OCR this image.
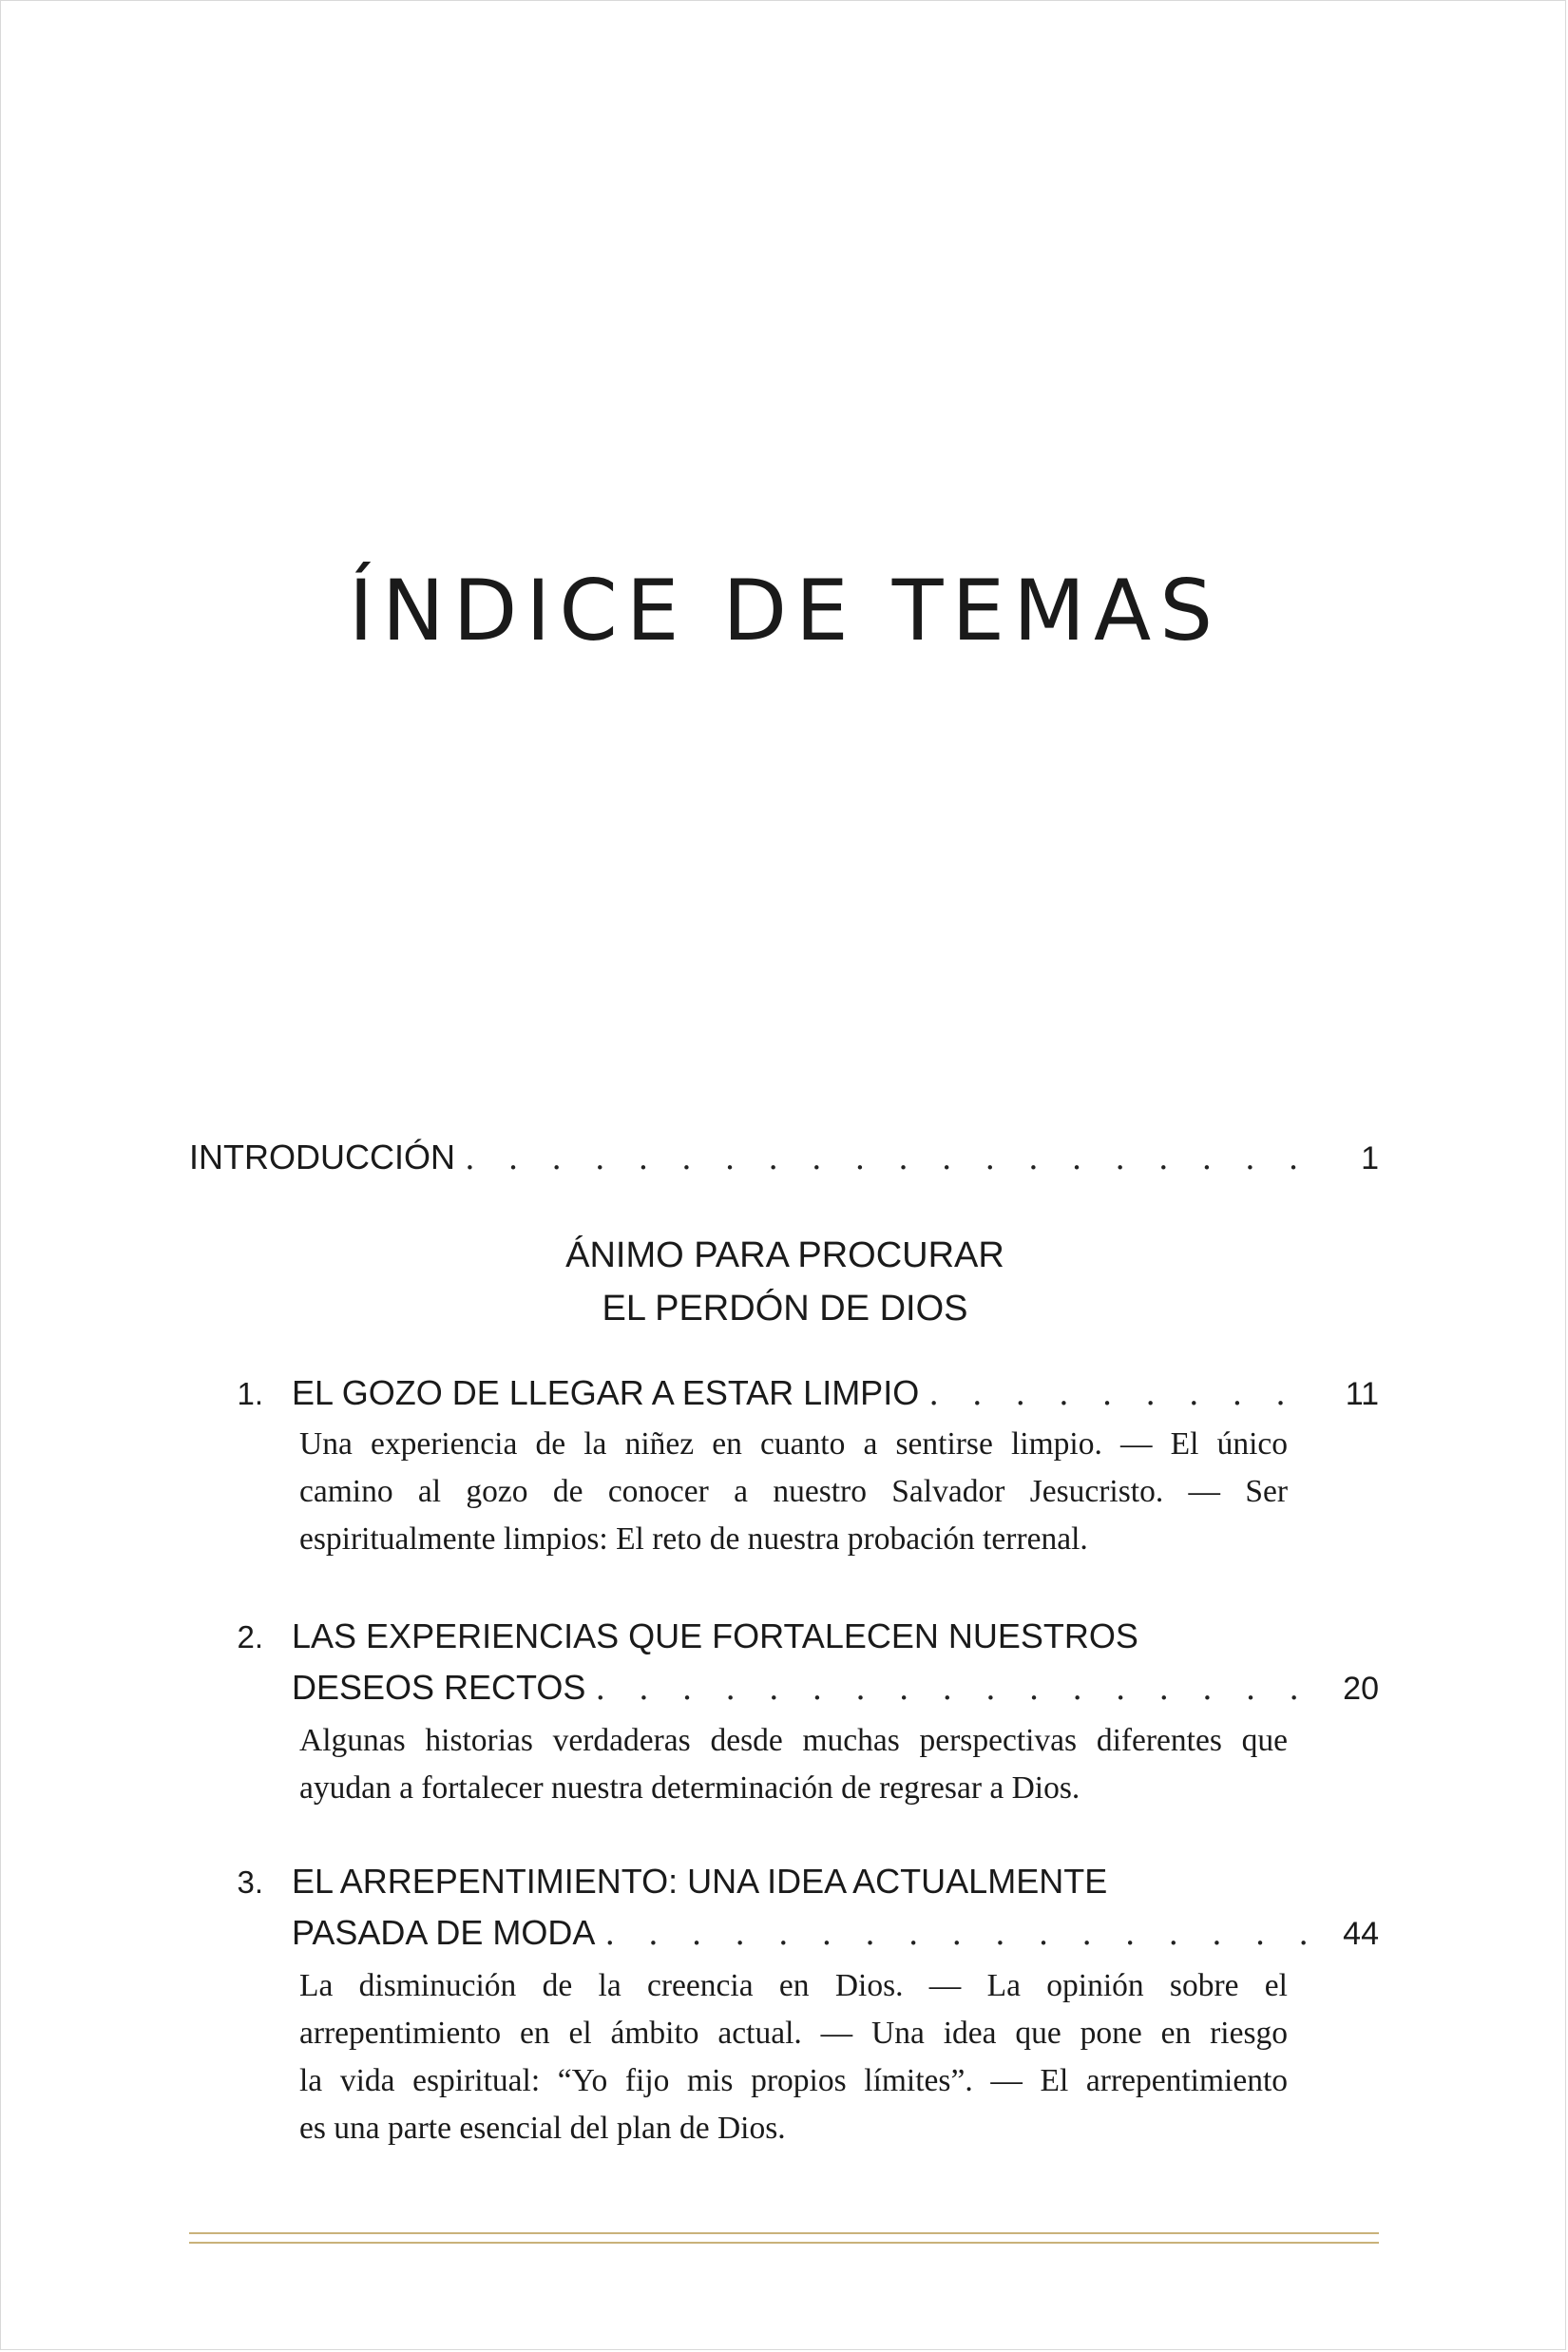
ÍNDICE DE TEMAS
INTRODUCCIÓN . . .	1
ÁNIMO PARA PROCURAR
EL PERDÓN DE DIOS
1. EL GOZO DE LLEGAR A ESTAR LIMPIO . . .	11
Una experiencia de la niñez en cuanto a sentirse limpio. — El único
camino al gozo de conocer a nuestro Salvador Jesucristo. — Ser
espiritualmente limpios: El reto de nuestra probación terrenal.
2. LAS EXPERIENCIAS QUE FORTALECEN NUESTROS
DESEOS RECTOS . . .	20
Algunas historias verdaderas desde muchas perspectivas diferentes que
ayudan a fortalecer nuestra determinación de regresar a Dios.
3. EL ARREPENTIMIENTO: UNA IDEA ACTUALMENTE
PASADA DE MODA . . .	44
La disminución de la creencia en Dios. — La opinión sobre el
arrepentimiento en el ámbito actual. — Una idea que pone en riesgo
la vida espiritual: “Yo fijo mis propios límites”. — El arrepentimiento
es una parte esencial del plan de Dios.
